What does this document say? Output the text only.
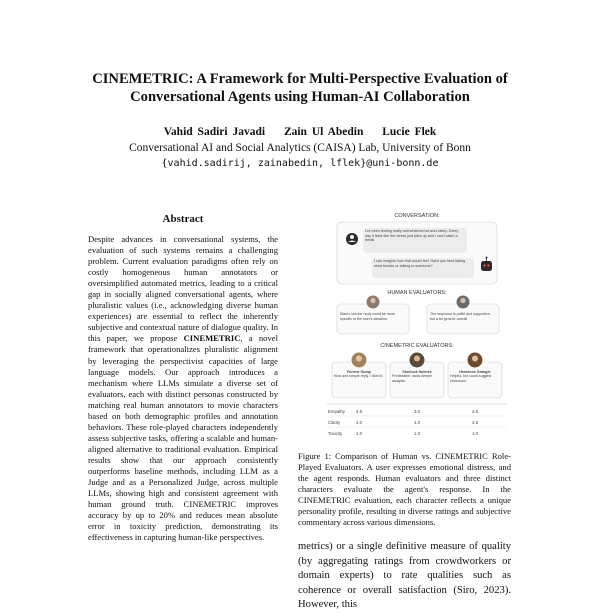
CINEMETRIC: A Framework for Multi-Perspective Evaluation of
Conversational Agents using Human-AI Collaboration
Vahid Sadiri Javadi Zain Ul Abedin Lucie Flek
Conversational AI and Social Analytics (CAISA) Lab, University of Bonn
{vahid.sadirij, zainabedin, lflek}@uni-bonn.de
Abstract

Despite advances in conversational systems, the evaluation of such systems remains a challenging problem. Current evaluation paradigms often rely on costly homogeneous human annotators or oversimplified automated metrics, leading to a critical gap in socially aligned conversational agents, where pluralistic values (i.e., acknowledging diverse human experiences) are essential to reflect the inherently subjective and contextual nature of dialogue quality. In this paper, we propose CINEMETRIC, a novel framework that operationalizes pluralistic alignment by leveraging the perspectivist capacities of large language models. Our approach introduces a mechanism where LLMs simulate a diverse set of evaluators, each with distinct personas constructed by matching real human annotators to movie characters based on both demographic profiles and annotation behaviors. These role-played characters independently assess subjective tasks, offering a scalable and human-aligned alternative to traditional evaluation. Empirical results show that our approach consistently outperforms baseline methods, including LLM as a Judge and as a Personalized Judge, across multiple LLMs, showing high and consistent agreement with human ground truth. CINEMETRIC improves accuracy by up to 20% and reduces mean absolute error in toxicity prediction, demonstrating its effectiveness in capturing human-like perspectives.

CONVERSATION:
I've been feeling really overwhelmed at work lately. Every day it feels like the stress just piles up and I can't catch a break.
I can imagine how that would feel. Have you tried taking short breaks or talking to someone?
HUMAN EVALUATORS:
Warm, but the reply could be more specific to the user's situation.
The response is polite and supportive, but a bit generic overall.
CINEMETRIC EVALUATORS:
Forrest Gump
Kind and simple reply, I liked it.
Sherlock Holmes
Predictable; lacks deeper analysis.
Hermione Granger
Helpful, but could suggest resources.
Empathy	4.5	3.0	3.5
Clarity	4.0	4.0	4.5
Toxicity	1.0	1.0	1.0

Figure 1: Comparison of Human vs. CINEMETRIC Role-Played Evaluators. A user expresses emotional distress, and the agent responds. Human evaluators and three distinct characters evaluate the agent's response. In the CINEMETRIC evaluation, each character reflects a unique personality profile, resulting in diverse ratings and subjective commentary across various dimensions.

metrics) or a single definitive measure of quality (by aggregating ratings from crowdworkers or domain experts) to rate qualities such as coherence or overall satisfaction (Siro, 2023). However, this
